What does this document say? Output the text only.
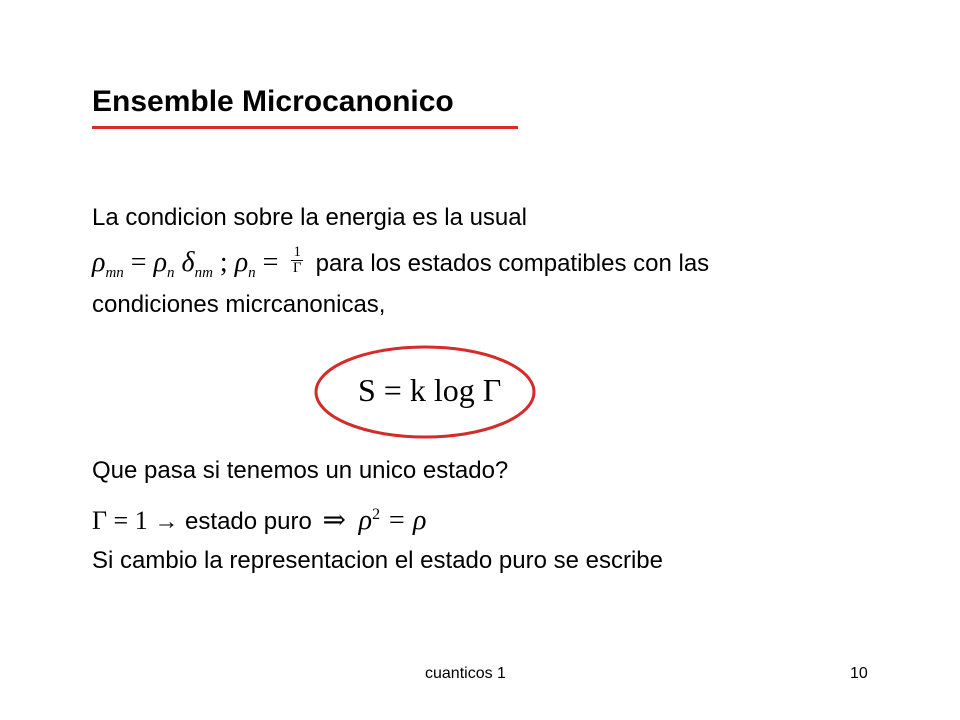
Ensemble Microcanonico
La condicion sobre la energia es la usual
$\rho_{mn} = \rho_n$ $\delta_{nm}$ ; $\rho_n = \frac{1}{\Gamma}$ para los estados compatibles con las
condiciones micrcanonicas,
S = k log Γ
Que pasa si tenemos un unico estado?
Γ = 1 → estado puro ⇒ $\rho^2 = \rho$
Si cambio la representacion el estado puro se escribe
cuanticos 1	10
